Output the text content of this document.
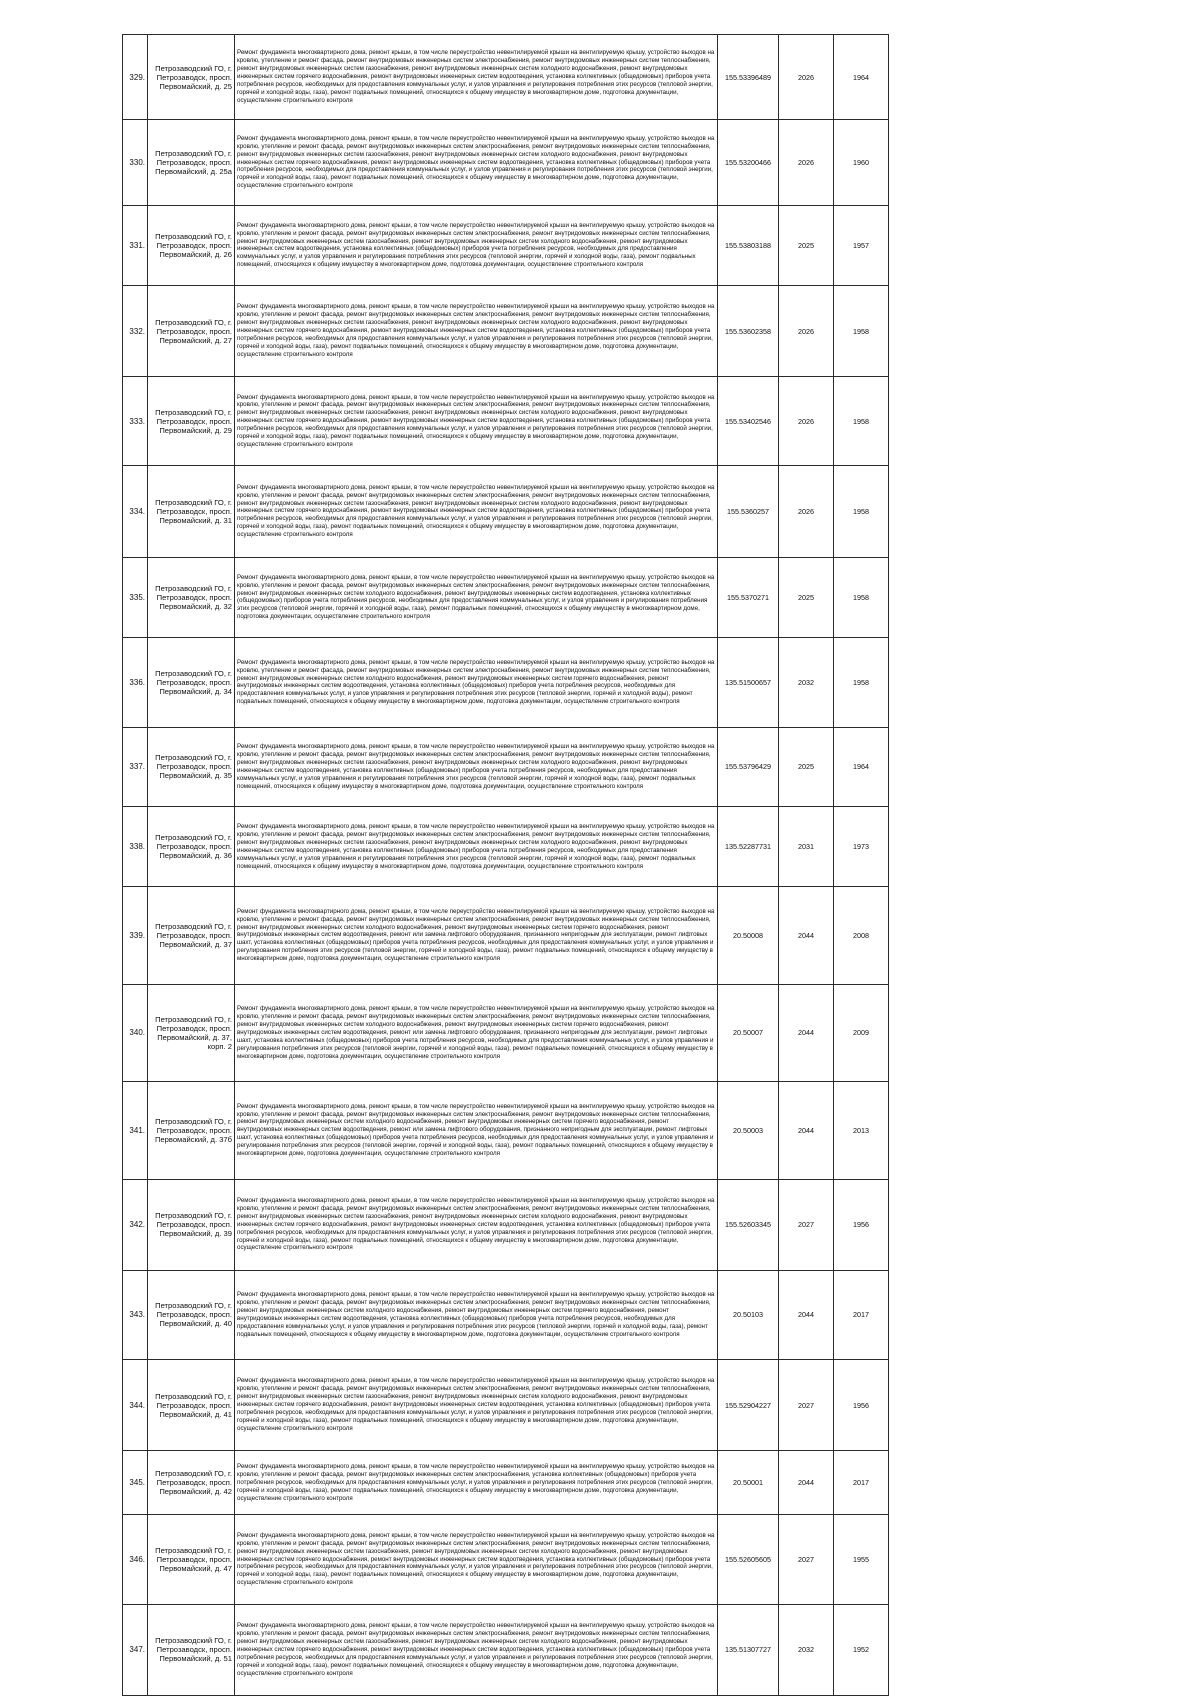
329.	Петрозаводский ГО, г. Петрозаводск, просп. Первомайский, д. 25	Ремонт фундамента многоквартирного дома, ремонт крыши, в том числе переустройство невентилируемой крыши на вентилируемую крышу, устройство выходов на кровлю, утепление и ремонт фасада, ремонт внутридомовых инженерных систем электроснабжения, ремонт внутридомовых инженерных систем теплоснабжения, ремонт внутридомовых инженерных систем газоснабжения, ремонт внутридомовых инженерных систем холодного водоснабжения, ремонт внутридомовых инженерных систем горячего водоснабжения, ремонт внутридомовых инженерных систем водоотведения, установка коллективных (общедомовых) приборов учета потребления ресурсов, необходимых для предоставления коммунальных услуг, и узлов управления и регулирования потребления этих ресурсов (тепловой энергии, горячей и холодной воды, газа), ремонт подвальных помещений, относящихся к общему имуществу в многоквартирном доме, подготовка документации, осуществление строительного контроля	155.53396489	2026	1964
330.	Петрозаводский ГО, г. Петрозаводск, просп. Первомайский, д. 25а	Ремонт фундамента многоквартирного дома, ремонт крыши, в том числе переустройство невентилируемой крыши на вентилируемую крышу, устройство выходов на кровлю, утепление и ремонт фасада, ремонт внутридомовых инженерных систем электроснабжения, ремонт внутридомовых инженерных систем теплоснабжения, ремонт внутридомовых инженерных систем газоснабжения, ремонт внутридомовых инженерных систем холодного водоснабжения, ремонт внутридомовых инженерных систем горячего водоснабжения, ремонт внутридомовых инженерных систем водоотведения, установка коллективных (общедомовых) приборов учета потребления ресурсов, необходимых для предоставления коммунальных услуг, и узлов управления и регулирования потребления этих ресурсов (тепловой энергии, горячей и холодной воды, газа), ремонт подвальных помещений, относящихся к общему имуществу в многоквартирном доме, подготовка документации, осуществление строительного контроля	155.53200466	2026	1960
331.	Петрозаводский ГО, г. Петрозаводск, просп. Первомайский, д. 26	Ремонт фундамента многоквартирного дома, ремонт крыши, в том числе переустройство невентилируемой крыши на вентилируемую крышу, устройство выходов на кровлю, утепление и ремонт фасада, ремонт внутридомовых инженерных систем электроснабжения, ремонт внутридомовых инженерных систем теплоснабжения, ремонт внутридомовых инженерных систем газоснабжения, ремонт внутридомовых инженерных систем холодного водоснабжения, ремонт внутридомовых инженерных систем водоотведения, установка коллективных (общедомовых) приборов учета потребления ресурсов, необходимых для предоставления коммунальных услуг, и узлов управления и регулирования потребления этих ресурсов (тепловой энергии, горячей и холодной воды, газа), ремонт подвальных помещений, относящихся к общему имуществу в многоквартирном доме, подготовка документации, осуществление строительного контроля	155.53803188	2025	1957
332.	Петрозаводский ГО, г. Петрозаводск, просп. Первомайский, д. 27	Ремонт фундамента многоквартирного дома, ремонт крыши, в том числе переустройство невентилируемой крыши на вентилируемую крышу, устройство выходов на кровлю, утепление и ремонт фасада, ремонт внутридомовых инженерных систем электроснабжения, ремонт внутридомовых инженерных систем теплоснабжения, ремонт внутридомовых инженерных систем газоснабжения, ремонт внутридомовых инженерных систем холодного водоснабжения, ремонт внутридомовых инженерных систем горячего водоснабжения, ремонт внутридомовых инженерных систем водоотведения, установка коллективных (общедомовых) приборов учета потребления ресурсов, необходимых для предоставления коммунальных услуг, и узлов управления и регулирования потребления этих ресурсов (тепловой энергии, горячей и холодной воды, газа), ремонт подвальных помещений, относящихся к общему имуществу в многоквартирном доме, подготовка документации, осуществление строительного контроля	155.53602358	2026	1958
333.	Петрозаводский ГО, г. Петрозаводск, просп. Первомайский, д. 29	Ремонт фундамента многоквартирного дома, ремонт крыши, в том числе переустройство невентилируемой крыши на вентилируемую крышу, устройство выходов на кровлю, утепление и ремонт фасада, ремонт внутридомовых инженерных систем электроснабжения, ремонт внутридомовых инженерных систем теплоснабжения, ремонт внутридомовых инженерных систем газоснабжения, ремонт внутридомовых инженерных систем холодного водоснабжения, ремонт внутридомовых инженерных систем горячего водоснабжения, ремонт внутридомовых инженерных систем водоотведения, установка коллективных (общедомовых) приборов учета потребления ресурсов, необходимых для предоставления коммунальных услуг, и узлов управления и регулирования потребления этих ресурсов (тепловой энергии, горячей и холодной воды, газа), ремонт подвальных помещений, относящихся к общему имуществу в многоквартирном доме, подготовка документации, осуществление строительного контроля	155.53402546	2026	1958
334.	Петрозаводский ГО, г. Петрозаводск, просп. Первомайский, д. 31	Ремонт фундамента многоквартирного дома, ремонт крыши, в том числе переустройство невентилируемой крыши на вентилируемую крышу, устройство выходов на кровлю, утепление и ремонт фасада, ремонт внутридомовых инженерных систем электроснабжения, ремонт внутридомовых инженерных систем теплоснабжения, ремонт внутридомовых инженерных систем газоснабжения, ремонт внутридомовых инженерных систем холодного водоснабжения, ремонт внутридомовых инженерных систем горячего водоснабжения, ремонт внутридомовых инженерных систем водоотведения, установка коллективных (общедомовых) приборов учета потребления ресурсов, необходимых для предоставления коммунальных услуг, и узлов управления и регулирования потребления этих ресурсов (тепловой энергии, горячей и холодной воды, газа), ремонт подвальных помещений, относящихся к общему имуществу в многоквартирном доме, подготовка документации, осуществление строительного контроля	155.5360257	2026	1958
335.	Петрозаводский ГО, г. Петрозаводск, просп. Первомайский, д. 32	Ремонт фундамента многоквартирного дома, ремонт крыши, в том числе переустройство невентилируемой крыши на вентилируемую крышу, устройство выходов на кровлю, утепление и ремонт фасада, ремонт внутридомовых инженерных систем электроснабжения, ремонт внутридомовых инженерных систем теплоснабжения, ремонт внутридомовых инженерных систем холодного водоснабжения, ремонт внутридомовых инженерных систем водоотведения, установка коллективных (общедомовых) приборов учета потребления ресурсов, необходимых для предоставления коммунальных услуг, и узлов управления и регулирования потребления этих ресурсов (тепловой энергии, горячей и холодной воды, газа), ремонт подвальных помещений, относящихся к общему имуществу в многоквартирном доме, подготовка документации, осуществление строительного контроля	155.5370271	2025	1958
336.	Петрозаводский ГО, г. Петрозаводск, просп. Первомайский, д. 34	Ремонт фундамента многоквартирного дома, ремонт крыши, в том числе переустройство невентилируемой крыши на вентилируемую крышу, устройство выходов на кровлю, утепление и ремонт фасада, ремонт внутридомовых инженерных систем электроснабжения, ремонт внутридомовых инженерных систем теплоснабжения, ремонт внутридомовых инженерных систем холодного водоснабжения, ремонт внутридомовых инженерных систем горячего водоснабжения, ремонт внутридомовых инженерных систем водоотведения, установка коллективных (общедомовых) приборов учета потребления ресурсов, необходимых для предоставления коммунальных услуг, и узлов управления и регулирования потребления этих ресурсов (тепловой энергии, горячей и холодной воды), ремонт подвальных помещений, относящихся к общему имуществу в многоквартирном доме, подготовка документации, осуществление строительного контроля	135.51500657	2032	1958
337.	Петрозаводский ГО, г. Петрозаводск, просп. Первомайский, д. 35	Ремонт фундамента многоквартирного дома, ремонт крыши, в том числе переустройство невентилируемой крыши на вентилируемую крышу, устройство выходов на кровлю, утепление и ремонт фасада, ремонт внутридомовых инженерных систем электроснабжения, ремонт внутридомовых инженерных систем теплоснабжения, ремонт внутридомовых инженерных систем газоснабжения, ремонт внутридомовых инженерных систем холодного водоснабжения, ремонт внутридомовых инженерных систем водоотведения, установка коллективных (общедомовых) приборов учета потребления ресурсов, необходимых для предоставления коммунальных услуг, и узлов управления и регулирования потребления этих ресурсов (тепловой энергии, горячей и холодной воды, газа), ремонт подвальных помещений, относящихся к общему имуществу в многоквартирном доме, подготовка документации, осуществление строительного контроля	155.53796429	2025	1964
338.	Петрозаводский ГО, г. Петрозаводск, просп. Первомайский, д. 36	Ремонт фундамента многоквартирного дома, ремонт крыши, в том числе переустройство невентилируемой крыши на вентилируемую крышу, устройство выходов на кровлю, утепление и ремонт фасада, ремонт внутридомовых инженерных систем электроснабжения, ремонт внутридомовых инженерных систем теплоснабжения, ремонт внутридомовых инженерных систем газоснабжения, ремонт внутридомовых инженерных систем холодного водоснабжения, ремонт внутридомовых инженерных систем водоотведения, установка коллективных (общедомовых) приборов учета потребления ресурсов, необходимых для предоставления коммунальных услуг, и узлов управления и регулирования потребления этих ресурсов (тепловой энергии, горячей и холодной воды, газа), ремонт подвальных помещений, относящихся к общему имуществу в многоквартирном доме, подготовка документации, осуществление строительного контроля	135.52287731	2031	1973
339.	Петрозаводский ГО, г. Петрозаводск, просп. Первомайский, д. 37	Ремонт фундамента многоквартирного дома, ремонт крыши, в том числе переустройство невентилируемой крыши на вентилируемую крышу, устройство выходов на кровлю, утепление и ремонт фасада, ремонт внутридомовых инженерных систем электроснабжения, ремонт внутридомовых инженерных систем теплоснабжения, ремонт внутридомовых инженерных систем холодного водоснабжения, ремонт внутридомовых инженерных систем горячего водоснабжения, ремонт внутридомовых инженерных систем водоотведения, ремонт или замена лифтового оборудования, признанного непригодным для эксплуатации, ремонт лифтовых шахт, установка коллективных (общедомовых) приборов учета потребления ресурсов, необходимых для предоставления коммунальных услуг, и узлов управления и регулирования потребления этих ресурсов (тепловой энергии, горячей и холодной воды, газа), ремонт подвальных помещений, относящихся к общему имуществу в многоквартирном доме, подготовка документации, осуществление строительного контроля	20.50008	2044	2008
340.	Петрозаводский ГО, г. Петрозаводск, просп. Первомайский, д. 37, корп. 2	Ремонт фундамента многоквартирного дома, ремонт крыши, в том числе переустройство невентилируемой крыши на вентилируемую крышу, устройство выходов на кровлю, утепление и ремонт фасада, ремонт внутридомовых инженерных систем электроснабжения, ремонт внутридомовых инженерных систем теплоснабжения, ремонт внутридомовых инженерных систем холодного водоснабжения, ремонт внутридомовых инженерных систем горячего водоснабжения, ремонт внутридомовых инженерных систем водоотведения, ремонт или замена лифтового оборудования, признанного непригодным для эксплуатации, ремонт лифтовых шахт, установка коллективных (общедомовых) приборов учета потребления ресурсов, необходимых для предоставления коммунальных услуг, и узлов управления и регулирования потребления этих ресурсов (тепловой энергии, горячей и холодной воды, газа), ремонт подвальных помещений, относящихся к общему имуществу в многоквартирном доме, подготовка документации, осуществление строительного контроля	20.50007	2044	2009
341.	Петрозаводский ГО, г. Петрозаводск, просп. Первомайский, д. 37б	Ремонт фундамента многоквартирного дома, ремонт крыши, в том числе переустройство невентилируемой крыши на вентилируемую крышу, устройство выходов на кровлю, утепление и ремонт фасада, ремонт внутридомовых инженерных систем электроснабжения, ремонт внутридомовых инженерных систем теплоснабжения, ремонт внутридомовых инженерных систем холодного водоснабжения, ремонт внутридомовых инженерных систем горячего водоснабжения, ремонт внутридомовых инженерных систем водоотведения, ремонт или замена лифтового оборудования, признанного непригодным для эксплуатации, ремонт лифтовых шахт, установка коллективных (общедомовых) приборов учета потребления ресурсов, необходимых для предоставления коммунальных услуг, и узлов управления и регулирования потребления этих ресурсов (тепловой энергии, горячей и холодной воды, газа), ремонт подвальных помещений, относящихся к общему имуществу в многоквартирном доме, подготовка документации, осуществление строительного контроля	20.50003	2044	2013
342.	Петрозаводский ГО, г. Петрозаводск, просп. Первомайский, д. 39	Ремонт фундамента многоквартирного дома, ремонт крыши, в том числе переустройство невентилируемой крыши на вентилируемую крышу, устройство выходов на кровлю, утепление и ремонт фасада, ремонт внутридомовых инженерных систем электроснабжения, ремонт внутридомовых инженерных систем теплоснабжения, ремонт внутридомовых инженерных систем газоснабжения, ремонт внутридомовых инженерных систем холодного водоснабжения, ремонт внутридомовых инженерных систем горячего водоснабжения, ремонт внутридомовых инженерных систем водоотведения, установка коллективных (общедомовых) приборов учета потребления ресурсов, необходимых для предоставления коммунальных услуг, и узлов управления и регулирования потребления этих ресурсов (тепловой энергии, горячей и холодной воды, газа), ремонт подвальных помещений, относящихся к общему имуществу в многоквартирном доме, подготовка документации, осуществление строительного контроля	155.52603345	2027	1956
343.	Петрозаводский ГО, г. Петрозаводск, просп. Первомайский, д. 40	Ремонт фундамента многоквартирного дома, ремонт крыши, в том числе переустройство невентилируемой крыши на вентилируемую крышу, устройство выходов на кровлю, утепление и ремонт фасада, ремонт внутридомовых инженерных систем электроснабжения, ремонт внутридомовых инженерных систем теплоснабжения, ремонт внутридомовых инженерных систем холодного водоснабжения, ремонт внутридомовых инженерных систем горячего водоснабжения, ремонт внутридомовых инженерных систем водоотведения, установка коллективных (общедомовых) приборов учета потребления ресурсов, необходимых для предоставления коммунальных услуг, и узлов управления и регулирования потребления этих ресурсов (тепловой энергии, горячей и холодной воды, газа), ремонт подвальных помещений, относящихся к общему имуществу в многоквартирном доме, подготовка документации, осуществление строительного контроля	20.50103	2044	2017
344.	Петрозаводский ГО, г. Петрозаводск, просп. Первомайский, д. 41	Ремонт фундамента многоквартирного дома, ремонт крыши, в том числе переустройство невентилируемой крыши на вентилируемую крышу, устройство выходов на кровлю, утепление и ремонт фасада, ремонт внутридомовых инженерных систем электроснабжения, ремонт внутридомовых инженерных систем теплоснабжения, ремонт внутридомовых инженерных систем газоснабжения, ремонт внутридомовых инженерных систем холодного водоснабжения, ремонт внутридомовых инженерных систем горячего водоснабжения, ремонт внутридомовых инженерных систем водоотведения, установка коллективных (общедомовых) приборов учета потребления ресурсов, необходимых для предоставления коммунальных услуг, и узлов управления и регулирования потребления этих ресурсов (тепловой энергии, горячей и холодной воды, газа), ремонт подвальных помещений, относящихся к общему имуществу в многоквартирном доме, подготовка документации, осуществление строительного контроля	155.52904227	2027	1956
345.	Петрозаводский ГО, г. Петрозаводск, просп. Первомайский, д. 42	Ремонт фундамента многоквартирного дома, ремонт крыши, в том числе переустройство невентилируемой крыши на вентилируемую крышу, устройство выходов на кровлю, утепление и ремонт фасада, ремонт внутридомовых инженерных систем электроснабжения, установка коллективных (общедомовых) приборов учета потребления ресурсов, необходимых для предоставления коммунальных услуг, и узлов управления и регулирования потребления этих ресурсов (тепловой энергии, горячей и холодной воды, газа), ремонт подвальных помещений, относящихся к общему имуществу в многоквартирном доме, подготовка документации, осуществление строительного контроля	20.50001	2044	2017
346.	Петрозаводский ГО, г. Петрозаводск, просп. Первомайский, д. 47	Ремонт фундамента многоквартирного дома, ремонт крыши, в том числе переустройство невентилируемой крыши на вентилируемую крышу, устройство выходов на кровлю, утепление и ремонт фасада, ремонт внутридомовых инженерных систем электроснабжения, ремонт внутридомовых инженерных систем теплоснабжения, ремонт внутридомовых инженерных систем газоснабжения, ремонт внутридомовых инженерных систем холодного водоснабжения, ремонт внутридомовых инженерных систем горячего водоснабжения, ремонт внутридомовых инженерных систем водоотведения, установка коллективных (общедомовых) приборов учета потребления ресурсов, необходимых для предоставления коммунальных услуг, и узлов управления и регулирования потребления этих ресурсов (тепловой энергии, горячей и холодной воды, газа), ремонт подвальных помещений, относящихся к общему имуществу в многоквартирном доме, подготовка документации, осуществление строительного контроля	155.52605605	2027	1955
347.	Петрозаводский ГО, г. Петрозаводск, просп. Первомайский, д. 51	Ремонт фундамента многоквартирного дома, ремонт крыши, в том числе переустройство невентилируемой крыши на вентилируемую крышу, устройство выходов на кровлю, утепление и ремонт фасада, ремонт внутридомовых инженерных систем электроснабжения, ремонт внутридомовых инженерных систем теплоснабжения, ремонт внутридомовых инженерных систем газоснабжения, ремонт внутридомовых инженерных систем холодного водоснабжения, ремонт внутридомовых инженерных систем горячего водоснабжения, ремонт внутридомовых инженерных систем водоотведения, установка коллективных (общедомовых) приборов учета потребления ресурсов, необходимых для предоставления коммунальных услуг, и узлов управления и регулирования потребления этих ресурсов (тепловой энергии, горячей и холодной воды, газа), ремонт подвальных помещений, относящихся к общему имуществу в многоквартирном доме, подготовка документации, осуществление строительного контроля	135.51307727	2032	1952
